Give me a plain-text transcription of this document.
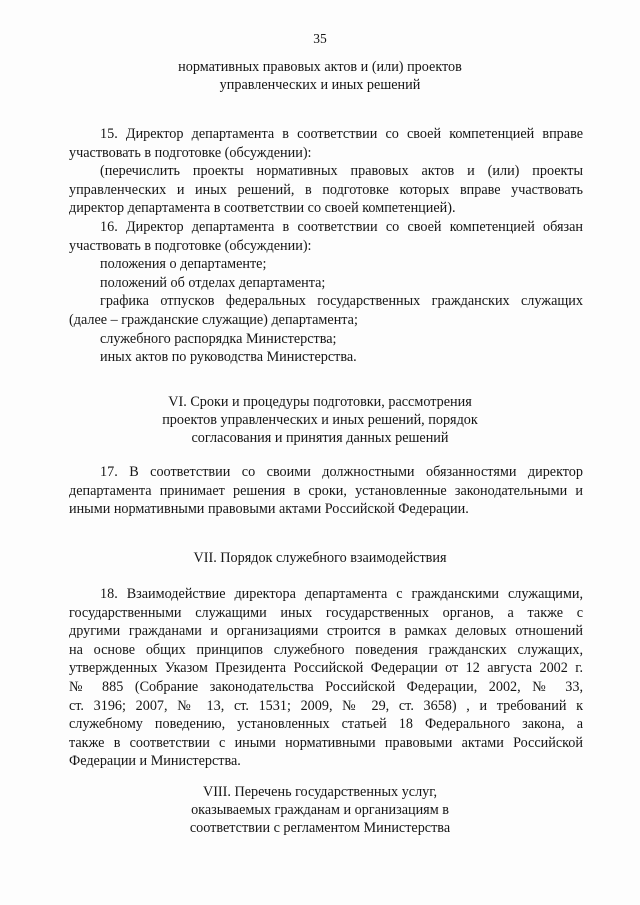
35
нормативных правовых актов и (или) проектов
управленческих и иных решений

15. Директор департамента в соответствии со своей компетенцией вправе

участвовать в подготовке (обсуждении):

(перечислить проекты нормативных правовых актов и (или) проекты

управленческих и иных решений, в подготовке которых вправе участвовать

директор департамента в соответствии со своей компетенцией).

16. Директор департамента в соответствии со своей компетенцией обязан

участвовать в подготовке (обсуждении):

положения о департаменте;

положений об отделах департамента;

графика отпусков федеральных государственных гражданских служащих

(далее – гражданские служащие) департамента;

служебного распорядка Министерства;

иных актов по руководства Министерства.

VI. Сроки и процедуры подготовки, рассмотрения
проектов управленческих и иных решений, порядок
согласования и принятия данных решений

17. В соответствии со своими должностными обязанностями директор

департамента принимает решения в сроки, установленные законодательными и

иными нормативными правовыми актами Российской Федерации.

VII. Порядок служебного взаимодействия

18. Взаимодействие директора департамента с гражданскими служащими,

государственными служащими иных государственных органов, а также с

другими гражданами и организациями строится в рамках деловых отношений

на основе общих принципов служебного поведения гражданских служащих,

утвержденных Указом Президента Российской Федерации от 12 августа 2002 г.

№ 885 (Собрание законодательства Российской Федерации, 2002, № 33,

ст. 3196; 2007, № 13, ст. 1531; 2009, № 29, ст. 3658) , и требований к

служебному поведению, установленных статьей 18 Федерального закона, а

также в соответствии с иными нормативными правовыми актами Российской

Федерации и Министерства.

VIII. Перечень государственных услуг,
оказываемых гражданам и организациям в
соответствии с регламентом Министерства
